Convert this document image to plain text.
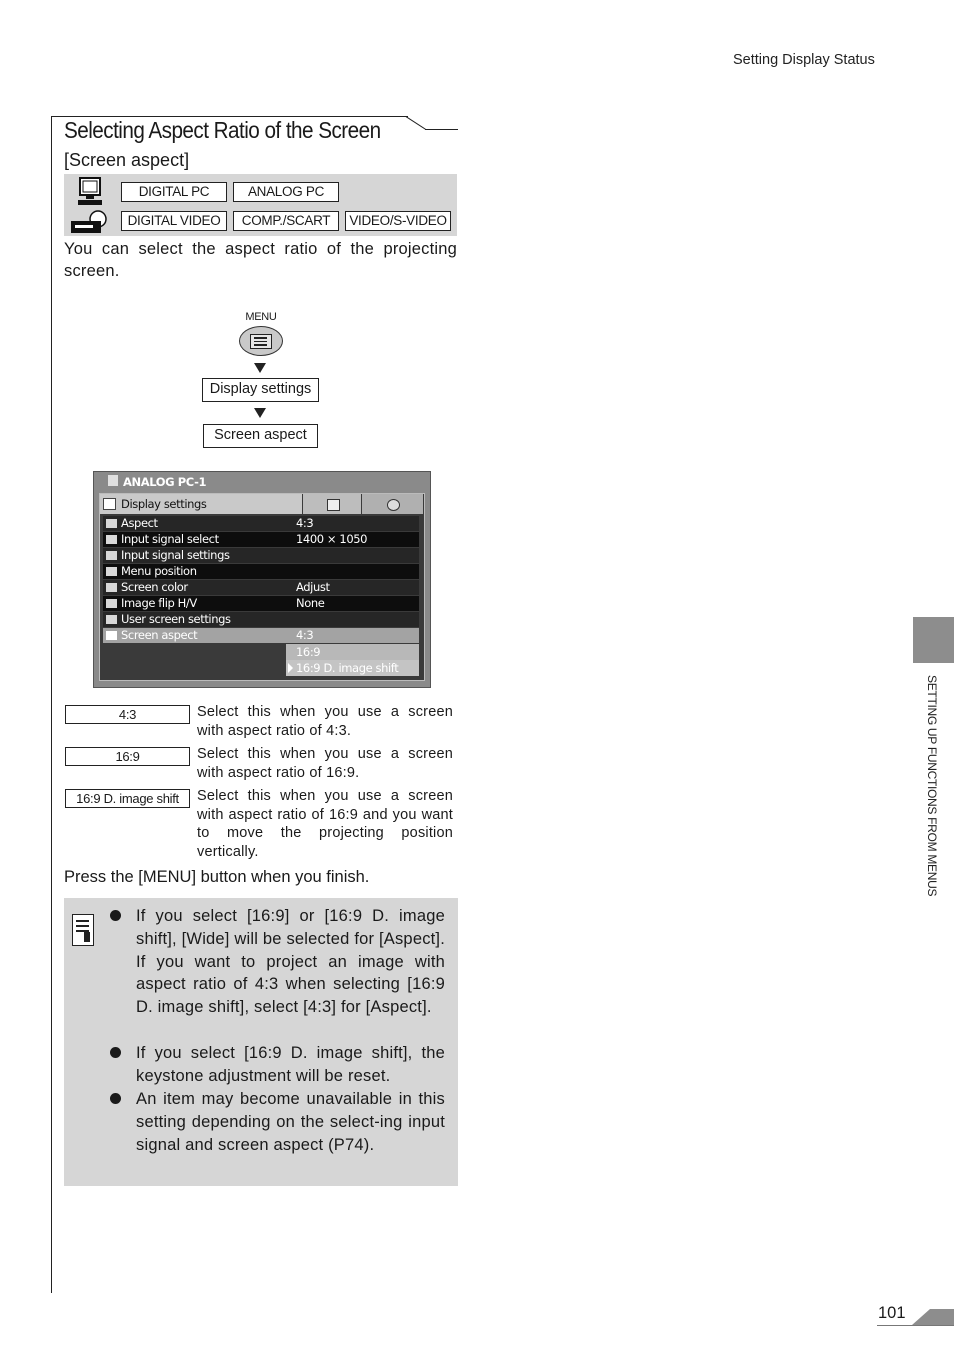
Setting Display Status
Selecting Aspect Ratio of the Screen
[Screen aspect]
DIGITAL PC	ANALOG PC
DIGITAL VIDEO	COMP./SCART	VIDEO/S-VIDEO
You can select the aspect ratio of the projecting screen.
MENU
Display settings
Screen aspect
ANALOG PC-1
Display settings
Aspect	4:3
Input signal select	1400 × 1050
Input signal settings
Menu position
Screen color	Adjust
Image flip H/V	None
User screen settings
Screen aspect	4:3
16:9
16:9 D. image shift
4:3	Select this when you use a screen with aspect ratio of 4:3.
16:9	Select this when you use a screen with aspect ratio of 16:9.
16:9 D. image shift	Select this when you use a screen with aspect ratio of 16:9 and you want to move the projecting position vertically.
Press the [MENU] button when you finish.
If you select [16:9] or [16:9 D. image shift], [Wide] will be selected for [Aspect]. If you want to project an image with aspect ratio of 4:3 when selecting [16:9 D. image shift], select [4:3] for [Aspect].
If you select [16:9 D. image shift], the keystone adjustment will be reset.
An item may become unavailable in this setting depending on the select-ing input signal and screen aspect (P74).
SETTING UP FUNCTIONS FROM MENUS
101
